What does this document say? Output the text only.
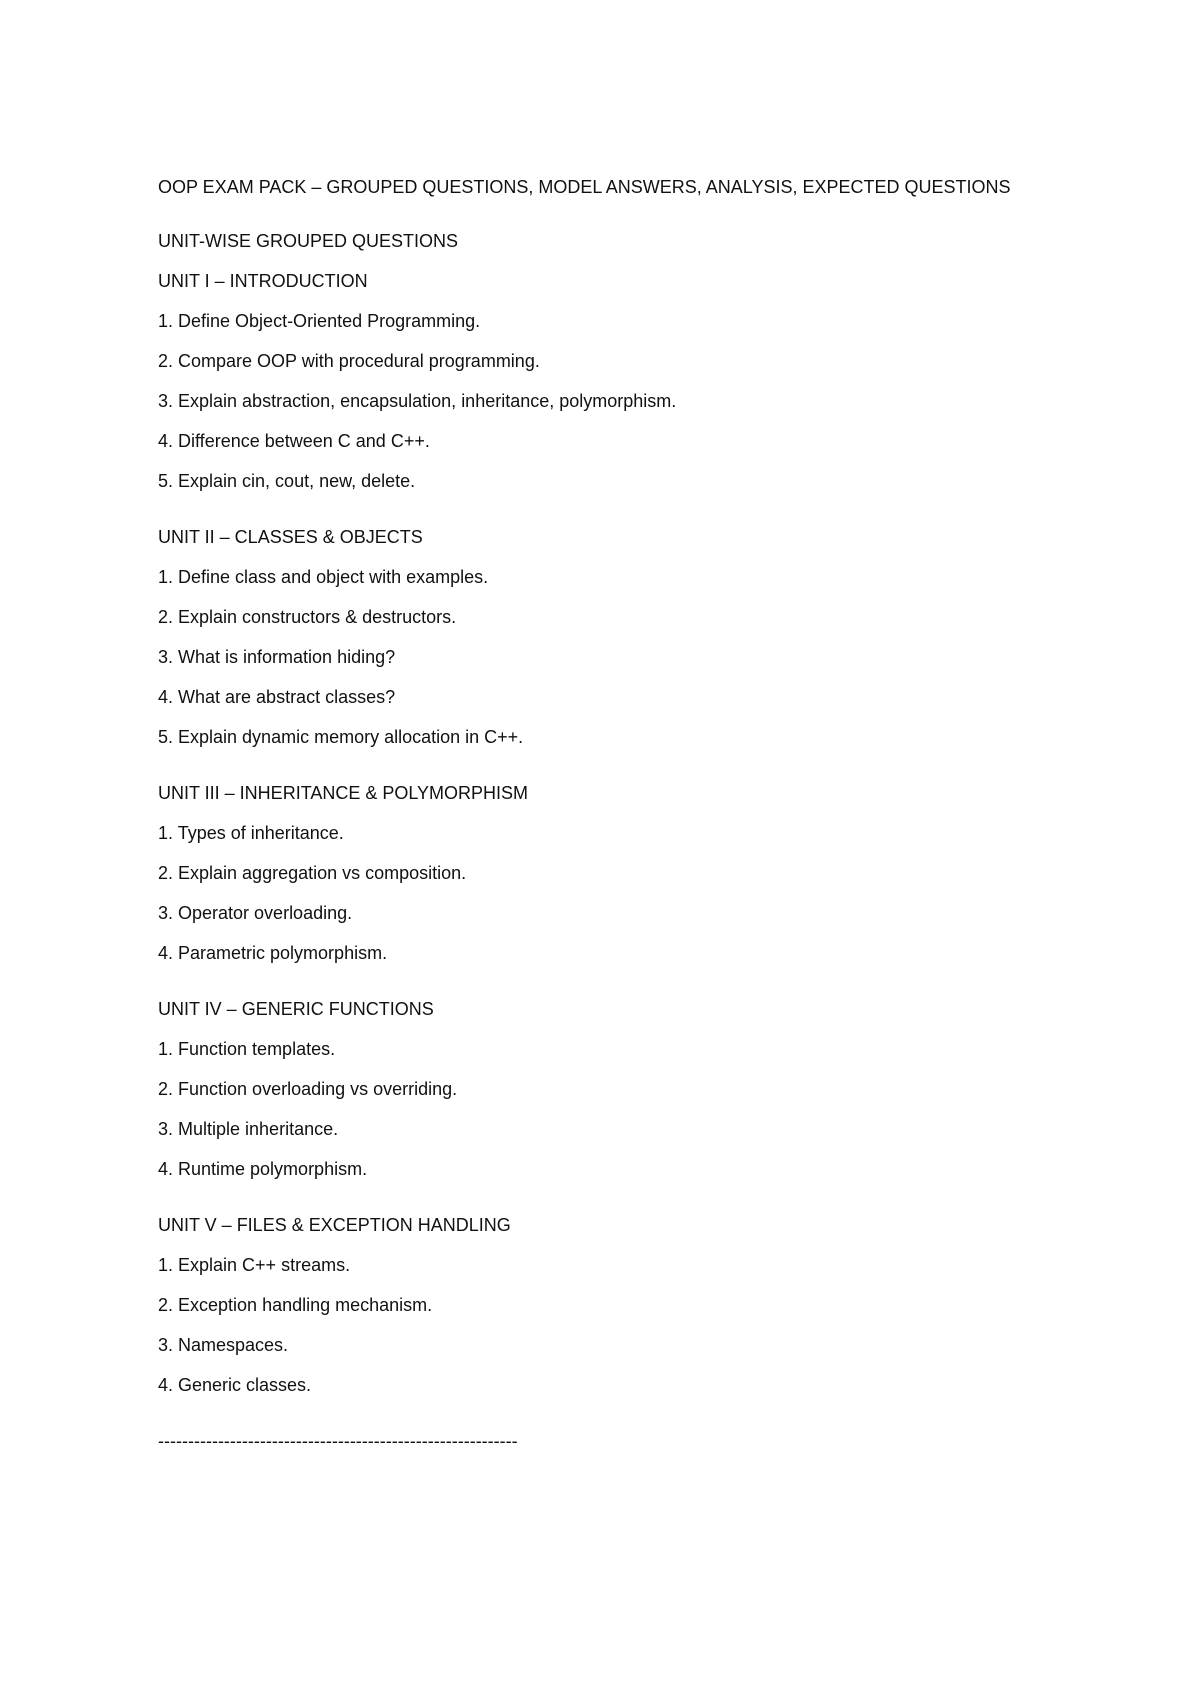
OOP EXAM PACK – GROUPED QUESTIONS, MODEL ANSWERS, ANALYSIS, EXPECTED QUESTIONS
UNIT-WISE GROUPED QUESTIONS
UNIT I – INTRODUCTION
1. Define Object-Oriented Programming.
2. Compare OOP with procedural programming.
3. Explain abstraction, encapsulation, inheritance, polymorphism.
4. Difference between C and C++.
5. Explain cin, cout, new, delete.
UNIT II – CLASSES & OBJECTS
1. Define class and object with examples.
2. Explain constructors & destructors.
3. What is information hiding?
4. What are abstract classes?
5. Explain dynamic memory allocation in C++.
UNIT III – INHERITANCE & POLYMORPHISM
1. Types of inheritance.
2. Explain aggregation vs composition.
3. Operator overloading.
4. Parametric polymorphism.
UNIT IV – GENERIC FUNCTIONS
1. Function templates.
2. Function overloading vs overriding.
3. Multiple inheritance.
4. Runtime polymorphism.
UNIT V – FILES & EXCEPTION HANDLING
1. Explain C++ streams.
2. Exception handling mechanism.
3. Namespaces.
4. Generic classes.
------------------------------------------------------------
